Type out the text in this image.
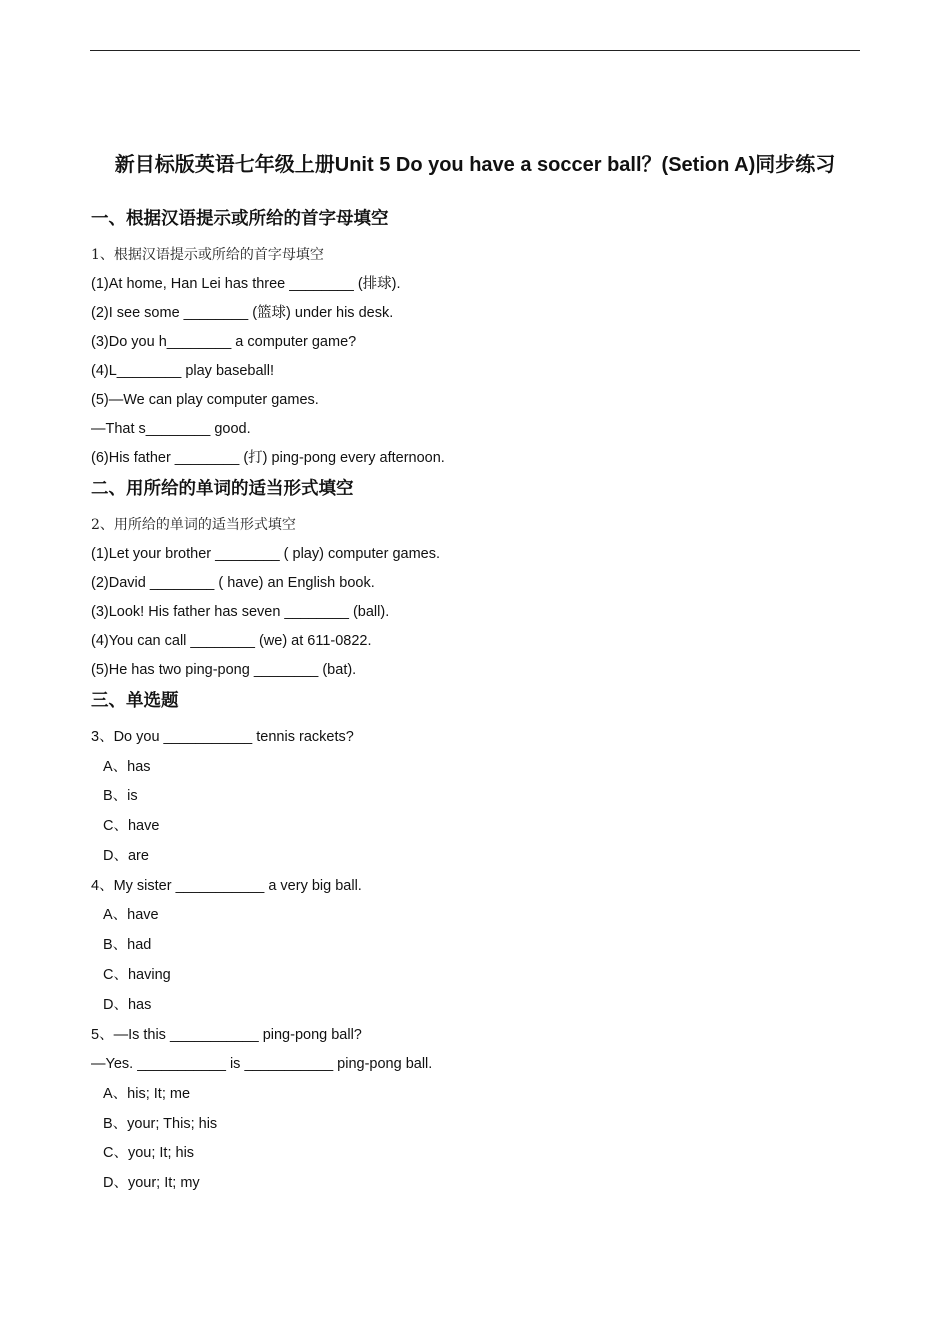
新目标版英语七年级上册Unit 5 Do you have a soccer ball？(Setion A)同步练习
一、根据汉语提示或所给的首字母填空
1、根据汉语提示或所给的首字母填空
(1)At home, Han Lei has three ________ (排球).
(2)I see some ________ (篮球) under his desk.
(3)Do you h________ a computer game?
(4)L________ play baseball!
(5)—We can play computer games.
—That s________ good.
(6)His father ________ (打) ping-pong every afternoon.
二、用所给的单词的适当形式填空
2、用所给的单词的适当形式填空
(1)Let your brother ________ ( play) computer games.
(2)David ________ ( have) an English book.
(3)Look! His father has seven ________ (ball).
(4)You can call ________ (we) at 611-0822.
(5)He has two ping-pong ________ (bat).
三、单选题
3、Do you ___________ tennis rackets?
A、has
B、is
C、have
D、are
4、My sister ___________ a very big ball.
A、have
B、had
C、having
D、has
5、—Is this ___________ ping-pong ball?
—Yes. ___________ is ___________ ping-pong ball.
A、his; It; me
B、your; This; his
C、you; It; his
D、your; It; my
